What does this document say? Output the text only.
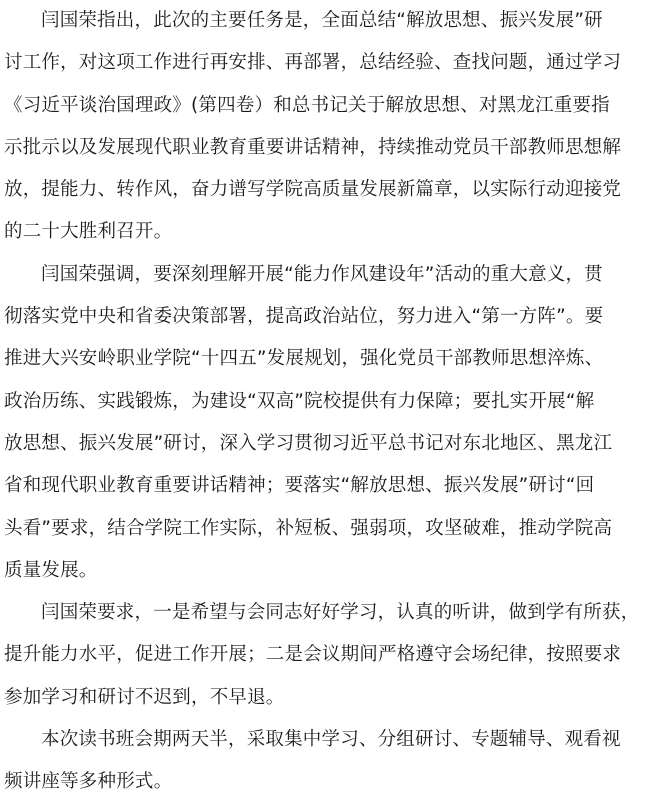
闫国荣指出，此次的主要任务是，全面总结“解放思想、振兴发展”研
讨工作，对这项工作进行再安排、再部署，总结经验、查找问题，通过学习
《习近平谈治国理政》(第四卷）和总书记关于解放思想、对黑龙江重要指
示批示以及发展现代职业教育重要讲话精神，持续推动党员干部教师思想解
放，提能力、转作风，奋力谱写学院高质量发展新篇章，以实际行动迎接党
的二十大胜利召开。
闫国荣强调，要深刻理解开展“能力作风建设年”活动的重大意义，贯
彻落实党中央和省委决策部署，提高政治站位，努力进入“第一方阵”。要
推进大兴安岭职业学院“十四五”发展规划，强化党员干部教师思想淬炼、
政治历练、实践锻炼，为建设“双高”院校提供有力保障；要扎实开展“解
放思想、振兴发展”研讨，深入学习贯彻习近平总书记对东北地区、黑龙江
省和现代职业教育重要讲话精神；要落实“解放思想、振兴发展”研讨“回
头看”要求，结合学院工作实际，补短板、强弱项，攻坚破难，推动学院高
质量发展。
闫国荣要求，一是希望与会同志好好学习，认真的听讲，做到学有所获，
提升能力水平，促进工作开展；二是会议期间严格遵守会场纪律，按照要求
参加学习和研讨不迟到，不早退。
本次读书班会期两天半，采取集中学习、分组研讨、专题辅导、观看视
频讲座等多种形式。
